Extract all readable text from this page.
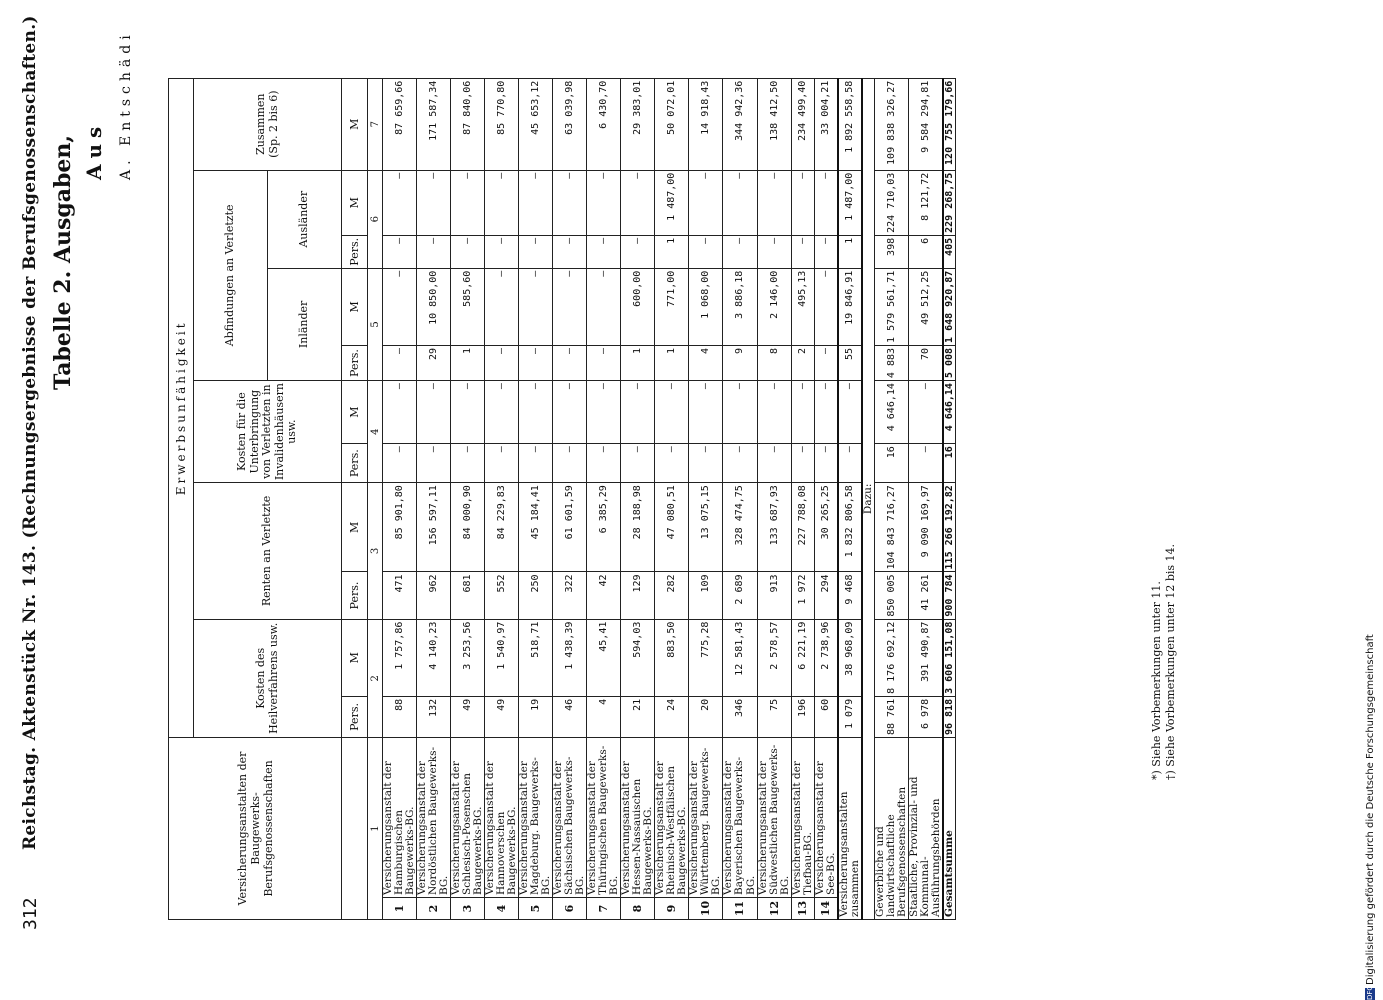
312
Reichstag. Aktenstück Nr. 143. (Rechnungsergebnisse der Berufsgenossenschaften.) Tabelle 2. Ausgaben, Aus A. Entschädi
Versicherungsanstalten der Baugewerks-Berufsgenossenschaften		Erwerbsunfähigkeit										
		Kosten des Heilverfahrens usw.		Renten an Verletzte		Kosten für die Unterbringung von Verletzten in Invalidenhäusern usw.		Abfindungen an Verletzte				Zusammen (Sp. 2 bis 6)
								Inländer		Ausländer		
		Pers.	M	Pers.	M	Pers.	M	Pers.	M	Pers.	M	M
1		2		3		4		5		6		7
1	Versicherungsanstalt der Hamburgischen Baugewerks-BG.	88	1 757,86	471	85 901,80	—	—	—	—	—	—	87 659,66
2	Versicherungsanstalt der Nordöstlichen Baugewerks-BG.	132	4 140,23	962	156 597,11	—	—	29	10 850,00	—	—	171 587,34
3	Versicherungsanstalt der Schlesisch-Posenschen Baugewerks-BG.	49	3 253,56	681	84 000,90	—	—	1	585,60	—	—	87 840,06
4	Versicherungsanstalt der Hannoverschen Baugewerks-BG.	49	1 540,97	552	84 229,83	—	—	—	—	—	—	85 770,80
5	Versicherungsanstalt der Magdeburg. Baugewerks-BG.	19	518,71	250	45 184,41	—	—	—	—	—	—	45 653,12
6	Versicherungsanstalt der Sächsischen Baugewerks-BG.	46	1 438,39	322	61 601,59	—	—	—	—	—	—	63 039,98
7	Versicherungsanstalt der Thüringischen Baugewerks-BG.	4	45,41	42	6 385,29	—	—	—	—	—	—	6 430,70
8	Versicherungsanstalt der Hessen-Nassauischen Baugewerks-BG.	21	594,03	129	28 188,98	—	—	1	600,00	—	—	29 383,01
9	Versicherungsanstalt der Rheinisch-Westfälischen Baugewerks-BG.	24	883,50	282	47 080,51	—	—	1	771,00	1	1 487,00	50 072,01
10	Versicherungsanstalt der Württemberg. Baugewerks-BG.	20	775,28	109	13 075,15	—	—	4	1 068,00	—	—	14 918,43
11	Versicherungsanstalt der Bayerischen Baugewerks-BG.	346	12 581,43	2 689	328 474,75	—	—	9	3 886,18	—	—	344 942,36
12	Versicherungsanstalt der Südwestlichen Baugewerks-BG.	75	2 578,57	913	133 687,93	—	—	8	2 146,00	—	—	138 412,50
13	Versicherungsanstalt der Tiefbau-BG.	196	6 221,19	1 972	227 788,08	—	—	2	495,13	—	—	234 499,40
14	Versicherungsanstalt der See-BG.	60	2 738,96	294	30 265,25	—	—	—	—	—	—	33 004,21
Versicherungsanstalten zusammen		1 079	38 968,09	9 468	1 832 806,58	—	—	55	19 846,91	1	1 487,00	1 892 558,58
Dazu:												
Gewerbliche und landwirtschaftliche Berufsgenossenschaften		88 761	8 176 692,12	850 005	104 843 716,27	16	4 646,14	4 883	1 579 561,71	398	224 710,03	109 838 326,27
Staatliche, Provinzial- und Kommunal-Ausführungsbehörden		6 978	391 490,87	41 261	9 090 169,97	—	—	70	49 512,25	6	8 121,72	9 584 294,81
Gesamtsumme		96 818	3 606 151,08	900 784	115 266 192,82	16	4 646,14	5 008	1 648 920,87	405	229 268,75	120 755 179,66
*) Siehe Vorbemerkungen unter 11. †) Siehe Vorbemerkungen unter 12 bis 14.
DFGDigitalisierung gefördert durch die Deutsche Forschungsgemeinschaft
